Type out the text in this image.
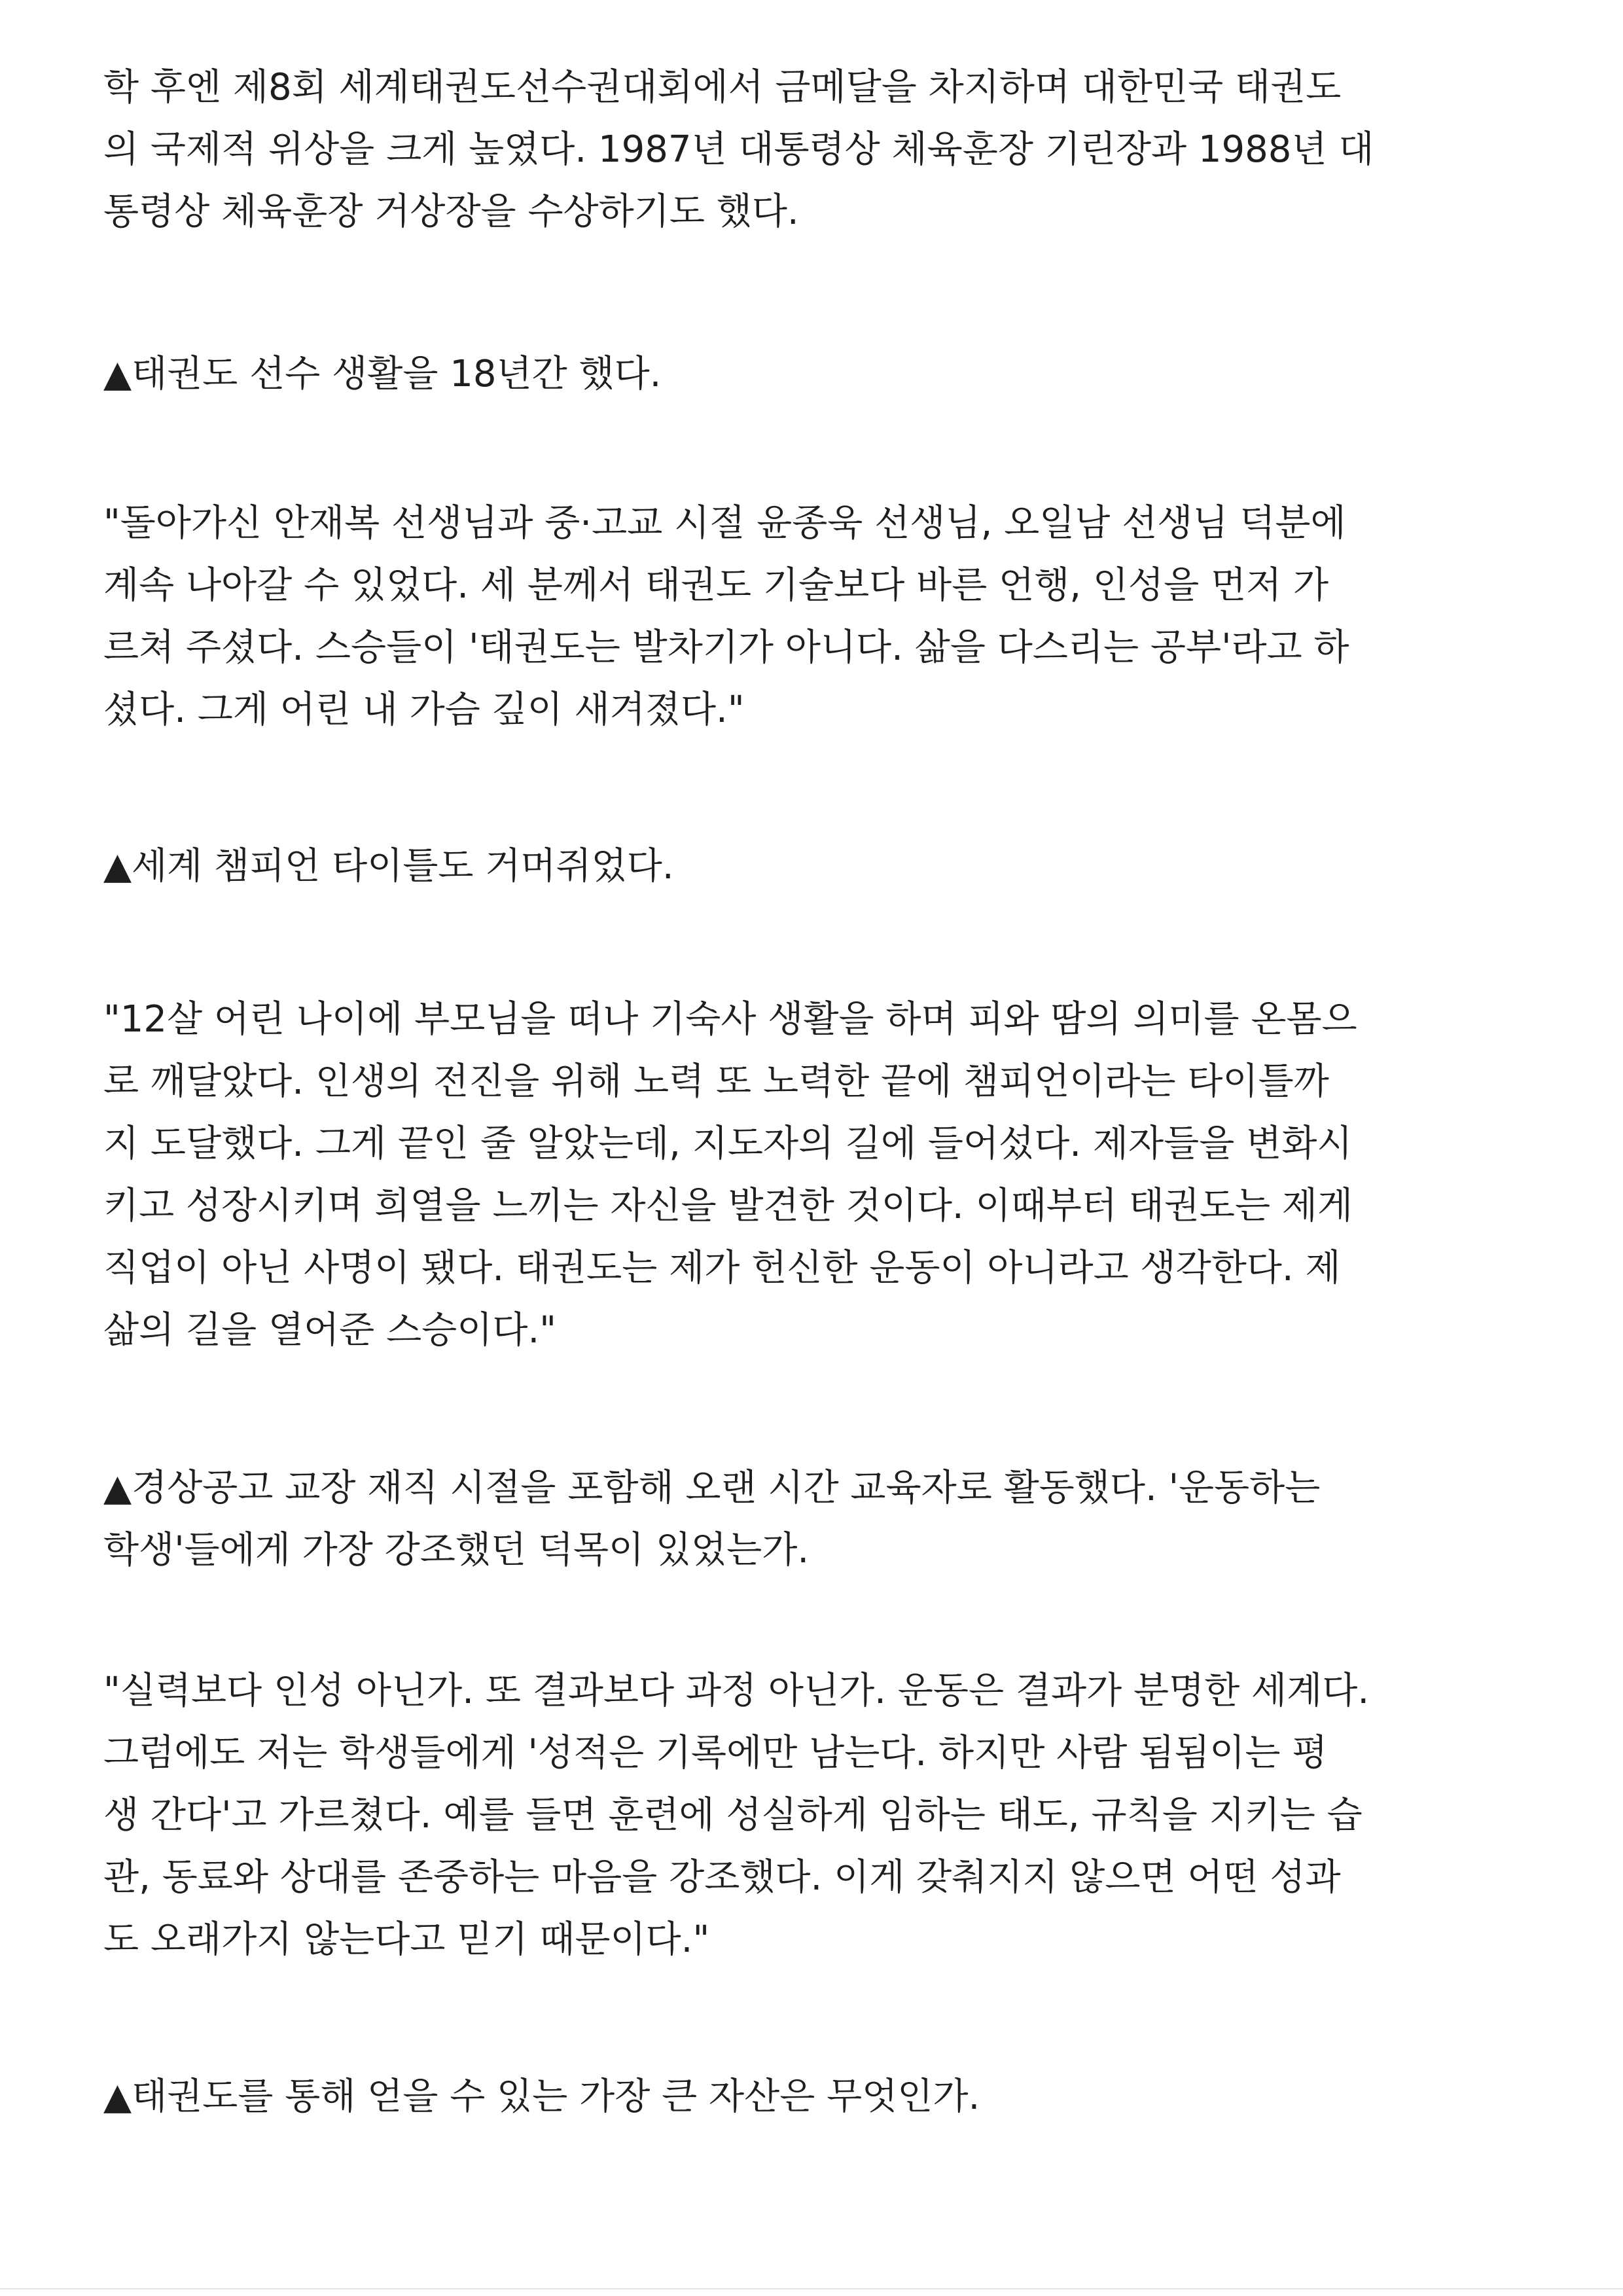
학 후엔 제8회 세계태권도선수권대회에서 금메달을 차지하며 대한민국 태권도
의 국제적 위상을 크게 높였다. 1987년 대통령상 체육훈장 기린장과 1988년 대
통령상 체육훈장 거상장을 수상하기도 했다.
▲태권도 선수 생활을 18년간 했다.
"돌아가신 안재복 선생님과 중·고교 시절 윤종욱 선생님, 오일남 선생님 덕분에
계속 나아갈 수 있었다. 세 분께서 태권도 기술보다 바른 언행, 인성을 먼저 가
르쳐 주셨다. 스승들이 '태권도는 발차기가 아니다. 삶을 다스리는 공부'라고 하
셨다. 그게 어린 내 가슴 깊이 새겨졌다."
▲세계 챔피언 타이틀도 거머쥐었다.
"12살 어린 나이에 부모님을 떠나 기숙사 생활을 하며 피와 땀의 의미를 온몸으
로 깨달았다. 인생의 전진을 위해 노력 또 노력한 끝에 챔피언이라는 타이틀까
지 도달했다. 그게 끝인 줄 알았는데, 지도자의 길에 들어섰다. 제자들을 변화시
키고 성장시키며 희열을 느끼는 자신을 발견한 것이다. 이때부터 태권도는 제게
직업이 아닌 사명이 됐다. 태권도는 제가 헌신한 운동이 아니라고 생각한다. 제
삶의 길을 열어준 스승이다."
▲경상공고 교장 재직 시절을 포함해 오랜 시간 교육자로 활동했다. '운동하는
학생'들에게 가장 강조했던 덕목이 있었는가.
"실력보다 인성 아닌가. 또 결과보다 과정 아닌가. 운동은 결과가 분명한 세계다.
그럼에도 저는 학생들에게 '성적은 기록에만 남는다. 하지만 사람 됨됨이는 평
생 간다'고 가르쳤다. 예를 들면 훈련에 성실하게 임하는 태도, 규칙을 지키는 습
관, 동료와 상대를 존중하는 마음을 강조했다. 이게 갖춰지지 않으면 어떤 성과
도 오래가지 않는다고 믿기 때문이다."
▲태권도를 통해 얻을 수 있는 가장 큰 자산은 무엇인가.
